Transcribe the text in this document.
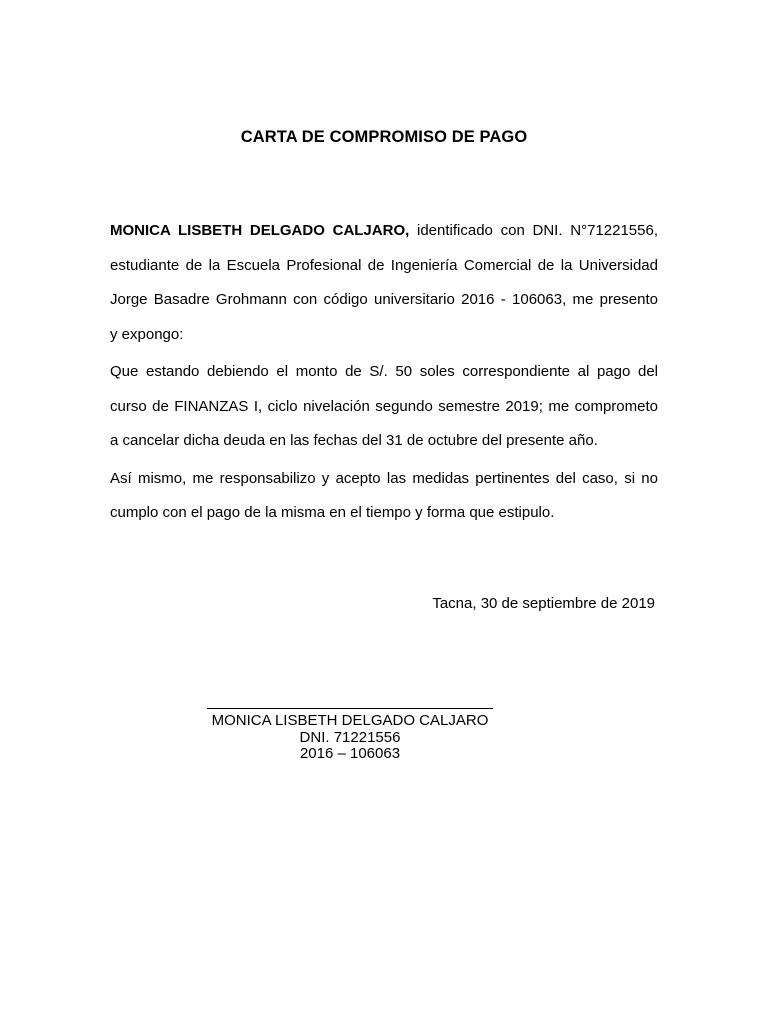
CARTA DE COMPROMISO DE PAGO
MONICA LISBETH DELGADO CALJARO, identificado con DNI. N°71221556,
estudiante de la Escuela Profesional de Ingeniería Comercial de la Universidad
Jorge Basadre Grohmann con código universitario 2016 - 106063, me presento
y expongo:
Que estando debiendo el monto de S/. 50 soles correspondiente al pago del
curso de FINANZAS I, ciclo nivelación segundo semestre 2019; me comprometo
a cancelar dicha deuda en las fechas del 31 de octubre del presente año.
Así mismo, me responsabilizo y acepto las medidas pertinentes del caso, si no
cumplo con el pago de la misma en el tiempo y forma que estipulo.
Tacna, 30 de septiembre de 2019
MONICA LISBETH DELGADO CALJARO
DNI. 71221556
2016 – 106063
